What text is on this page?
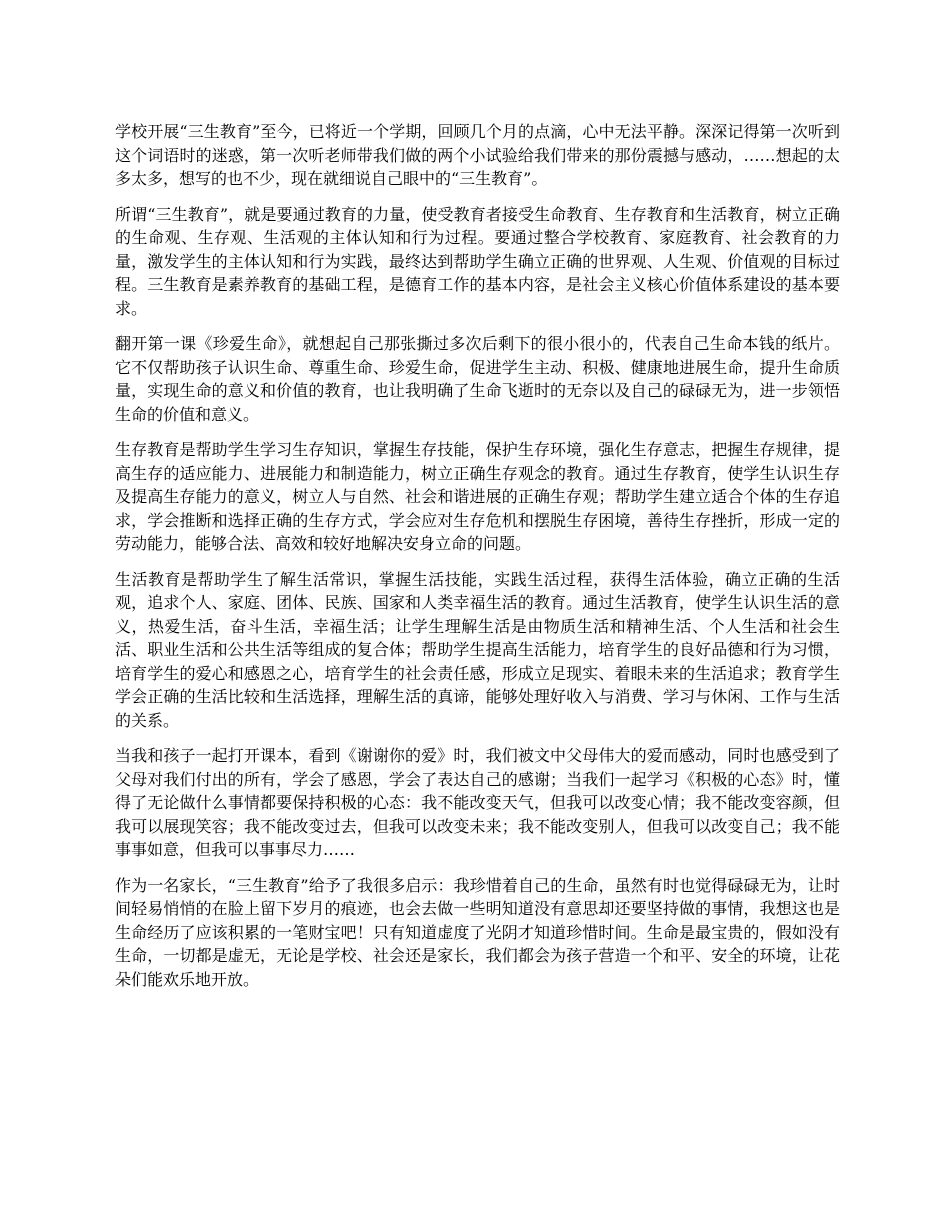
学校开展“三生教育”至今，已将近一个学期，回顾几个月的点滴，心中无法平静。深深记得第一次听到这个词语时的迷惑，第一次听老师带我们做的两个小试验给我们带来的那份震撼与感动，……想起的太多太多，想写的也不少，现在就细说自己眼中的“三生教育”。

所谓“三生教育”，就是要通过教育的力量，使受教育者接受生命教育、生存教育和生活教育，树立正确的生命观、生存观、生活观的主体认知和行为过程。要通过整合学校教育、家庭教育、社会教育的力量，激发学生的主体认知和行为实践，最终达到帮助学生确立正确的世界观、人生观、价值观的目标过程。三生教育是素养教育的基础工程，是德育工作的基本内容，是社会主义核心价值体系建设的基本要求。

翻开第一课《珍爱生命》，就想起自己那张撕过多次后剩下的很小很小的，代表自己生命本钱的纸片。它不仅帮助孩子认识生命、尊重生命、珍爱生命，促进学生主动、积极、健康地进展生命，提升生命质量，实现生命的意义和价值的教育，也让我明确了生命飞逝时的无奈以及自己的碌碌无为，进一步领悟生命的价值和意义。

生存教育是帮助学生学习生存知识，掌握生存技能，保护生存环境，强化生存意志，把握生存规律，提高生存的适应能力、进展能力和制造能力，树立正确生存观念的教育。通过生存教育，使学生认识生存及提高生存能力的意义，树立人与自然、社会和谐进展的正确生存观；帮助学生建立适合个体的生存追求，学会推断和选择正确的生存方式，学会应对生存危机和摆脱生存困境，善待生存挫折，形成一定的劳动能力，能够合法、高效和较好地解决安身立命的问题。

生活教育是帮助学生了解生活常识，掌握生活技能，实践生活过程，获得生活体验，确立正确的生活观，追求个人、家庭、团体、民族、国家和人类幸福生活的教育。通过生活教育，使学生认识生活的意义，热爱生活，奋斗生活，幸福生活；让学生理解生活是由物质生活和精神生活、个人生活和社会生活、职业生活和公共生活等组成的复合体；帮助学生提高生活能力，培育学生的良好品德和行为习惯，培育学生的爱心和感恩之心，培育学生的社会责任感，形成立足现实、着眼未来的生活追求；教育学生学会正确的生活比较和生活选择，理解生活的真谛，能够处理好收入与消费、学习与休闲、工作与生活的关系。

当我和孩子一起打开课本，看到《谢谢你的爱》时，我们被文中父母伟大的爱而感动，同时也感受到了父母对我们付出的所有，学会了感恩，学会了表达自己的感谢；当我们一起学习《积极的心态》时，懂得了无论做什么事情都要保持积极的心态：我不能改变天气，但我可以改变心情；我不能改变容颜，但我可以展现笑容；我不能改变过去，但我可以改变未来；我不能改变别人，但我可以改变自己；我不能事事如意，但我可以事事尽力……

作为一名家长，“三生教育”给予了我很多启示：我珍惜着自己的生命，虽然有时也觉得碌碌无为，让时间轻易悄悄的在脸上留下岁月的痕迹，也会去做一些明知道没有意思却还要坚持做的事情，我想这也是生命经历了应该积累的一笔财宝吧！只有知道虚度了光阴才知道珍惜时间。生命是最宝贵的，假如没有生命，一切都是虚无，无论是学校、社会还是家长，我们都会为孩子营造一个和平、安全的环境，让花朵们能欢乐地开放。
